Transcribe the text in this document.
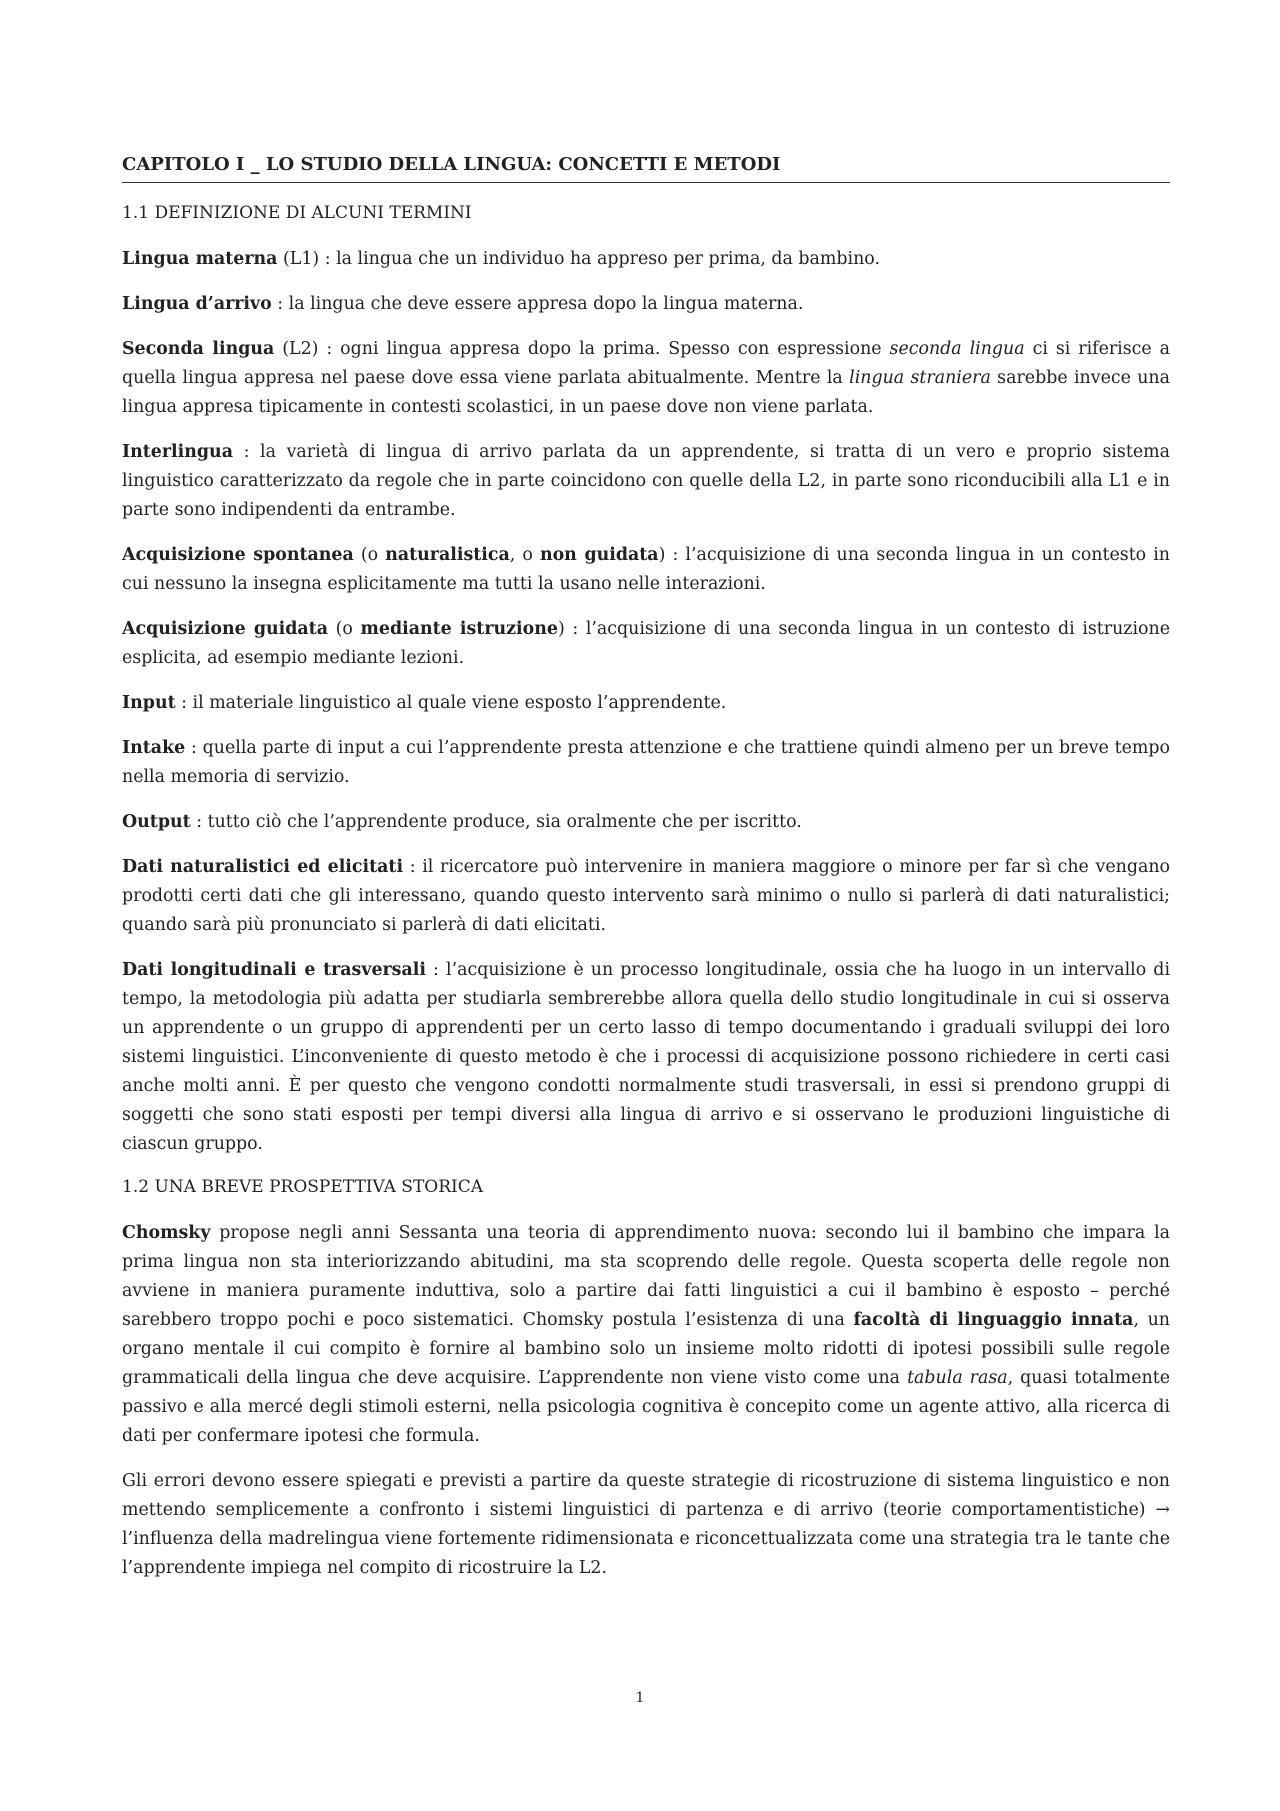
CAPITOLO I _ LO STUDIO DELLA LINGUA: CONCETTI E METODI
1.1 DEFINIZIONE DI ALCUNI TERMINI

Lingua materna (L1) : la lingua che un individuo ha appreso per prima, da bambino.

Lingua d’arrivo : la lingua che deve essere appresa dopo la lingua materna.

Seconda lingua (L2) : ogni lingua appresa dopo la prima. Spesso con espressione seconda lingua ci si riferisce a quella lingua appresa nel paese dove essa viene parlata abitualmente. Mentre la lingua straniera sarebbe invece una lingua appresa tipicamente in contesti scolastici, in un paese dove non viene parlata.

Interlingua : la varietà di lingua di arrivo parlata da un apprendente, si tratta di un vero e proprio sistema linguistico caratterizzato da regole che in parte coincidono con quelle della L2, in parte sono riconducibili alla L1 e in parte sono indipendenti da entrambe.

Acquisizione spontanea (o naturalistica, o non guidata) : l’acquisizione di una seconda lingua in un contesto in cui nessuno la insegna esplicitamente ma tutti la usano nelle interazioni.

Acquisizione guidata (o mediante istruzione) : l’acquisizione di una seconda lingua in un contesto di istruzione esplicita, ad esempio mediante lezioni.

Input : il materiale linguistico al quale viene esposto l’apprendente.

Intake : quella parte di input a cui l’apprendente presta attenzione e che trattiene quindi almeno per un breve tempo nella memoria di servizio.

Output : tutto ciò che l’apprendente produce, sia oralmente che per iscritto.

Dati naturalistici ed elicitati : il ricercatore può intervenire in maniera maggiore o minore per far sì che vengano prodotti certi dati che gli interessano, quando questo intervento sarà minimo o nullo si parlerà di dati naturalistici; quando sarà più pronunciato si parlerà di dati elicitati.

Dati longitudinali e trasversali : l’acquisizione è un processo longitudinale, ossia che ha luogo in un intervallo di tempo, la metodologia più adatta per studiarla sembrerebbe allora quella dello studio longitudinale in cui si osserva un apprendente o un gruppo di apprendenti per un certo lasso di tempo documentando i graduali sviluppi dei loro sistemi linguistici. L’inconveniente di questo metodo è che i processi di acquisizione possono richiedere in certi casi anche molti anni. È per questo che vengono condotti normalmente studi trasversali, in essi si prendono gruppi di soggetti che sono stati esposti per tempi diversi alla lingua di arrivo e si osservano le produzioni linguistiche di ciascun gruppo.

1.2 UNA BREVE PROSPETTIVA STORICA

Chomsky propose negli anni Sessanta una teoria di apprendimento nuova: secondo lui il bambino che impara la prima lingua non sta interiorizzando abitudini, ma sta scoprendo delle regole. Questa scoperta delle regole non avviene in maniera puramente induttiva, solo a partire dai fatti linguistici a cui il bambino è esposto – perché sarebbero troppo pochi e poco sistematici. Chomsky postula l’esistenza di una facoltà di linguaggio innata, un organo mentale il cui compito è fornire al bambino solo un insieme molto ridotti di ipotesi possibili sulle regole grammaticali della lingua che deve acquisire. L’apprendente non viene visto come una tabula rasa, quasi totalmente passivo e alla mercé degli stimoli esterni, nella psicologia cognitiva è concepito come un agente attivo, alla ricerca di dati per confermare ipotesi che formula.

Gli errori devono essere spiegati e previsti a partire da queste strategie di ricostruzione di sistema linguistico e non mettendo semplicemente a confronto i sistemi linguistici di partenza e di arrivo (teorie comportamentistiche) → l’influenza della madrelingua viene fortemente ridimensionata e riconcettualizzata come una strategia tra le tante che l’apprendente impiega nel compito di ricostruire la L2.

1
